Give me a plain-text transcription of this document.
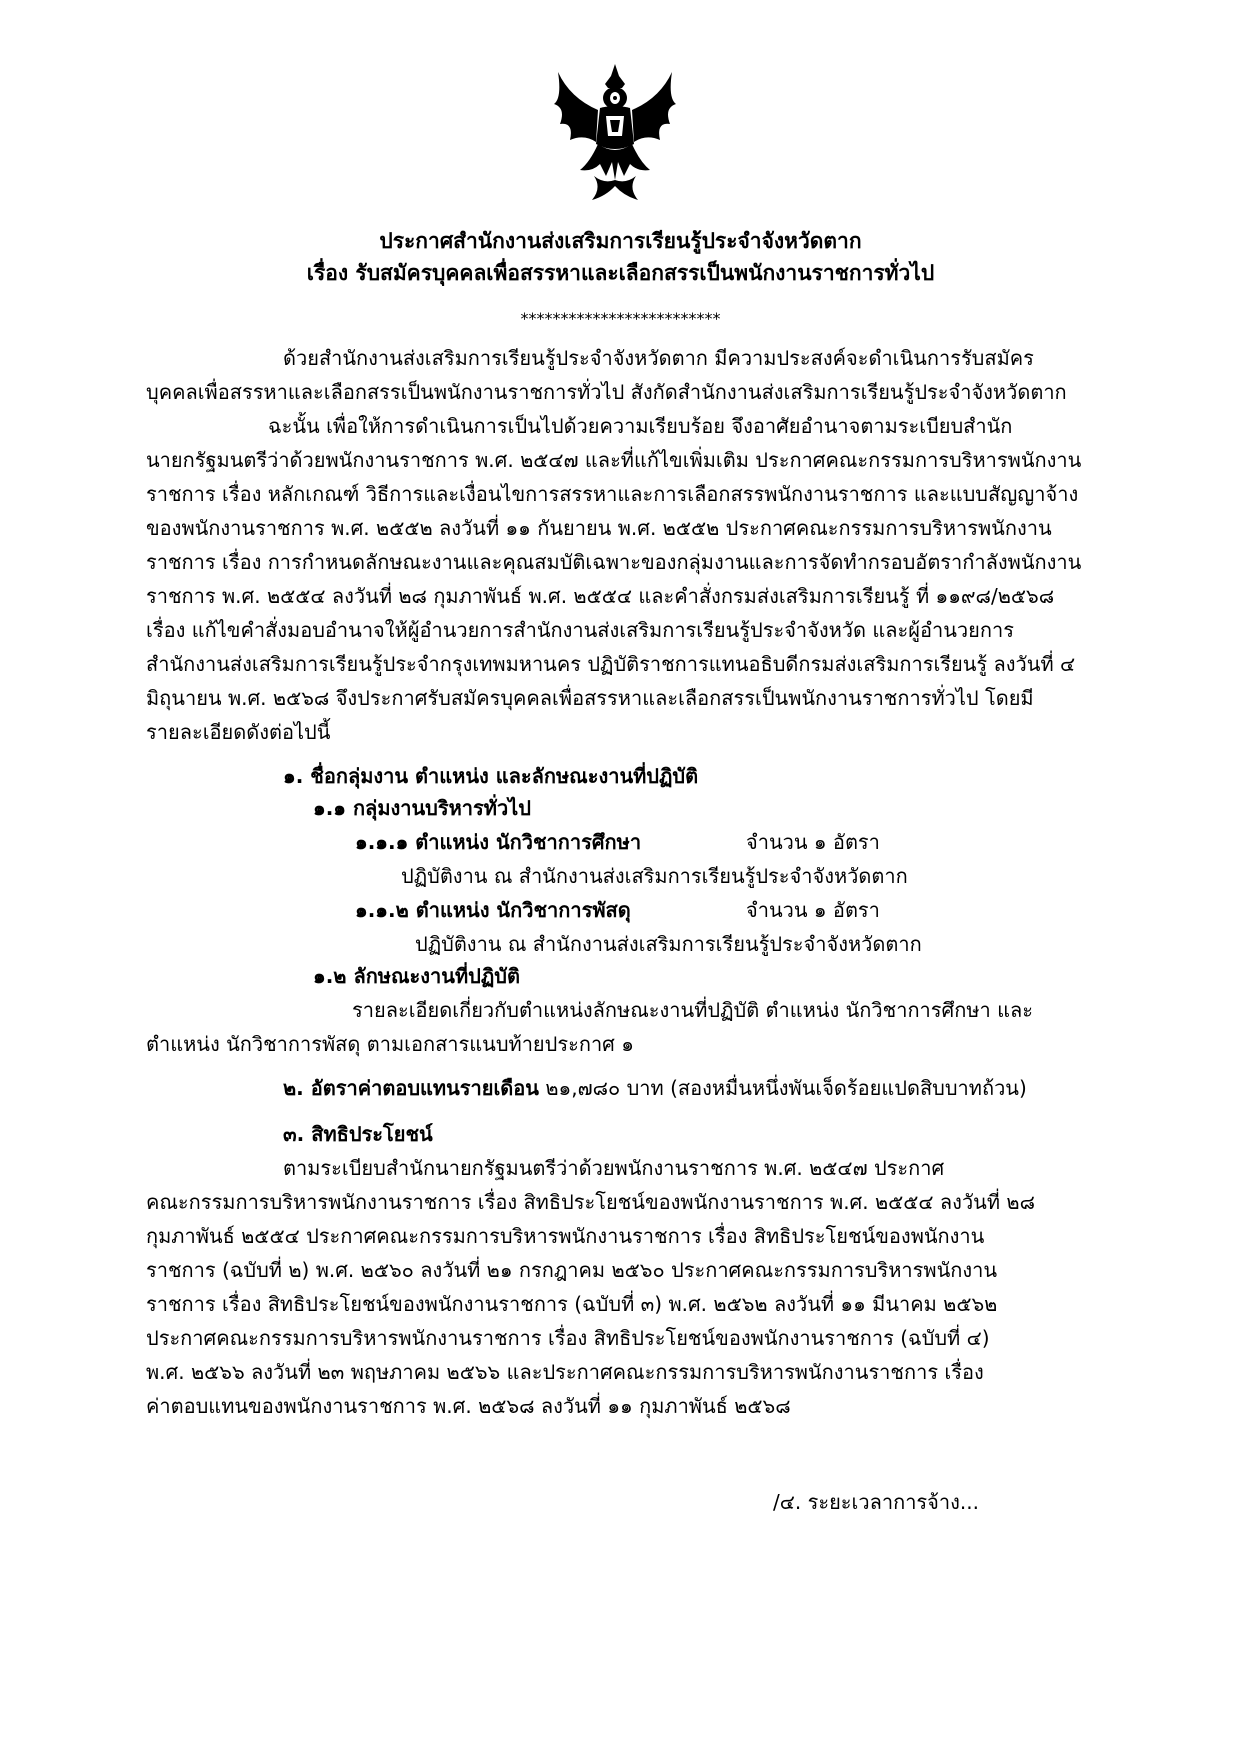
ประกาศสำนักงานส่งเสริมการเรียนรู้ประจำจังหวัดตาก
เรื่อง รับสมัครบุคคลเพื่อสรรหาและเลือกสรรเป็นพนักงานราชการทั่วไป
*************************
ด้วยสำนักงานส่งเสริมการเรียนรู้ประจำจังหวัดตาก มีความประสงค์จะดำเนินการรับสมัคร
บุคคลเพื่อสรรหาและเลือกสรรเป็นพนักงานราชการทั่วไป สังกัดสำนักงานส่งเสริมการเรียนรู้ประจำจังหวัดตาก
ฉะนั้น เพื่อให้การดำเนินการเป็นไปด้วยความเรียบร้อย จึงอาศัยอำนาจตามระเบียบสำนัก
นายกรัฐมนตรีว่าด้วยพนักงานราชการ พ.ศ. ๒๕๔๗ และที่แก้ไขเพิ่มเติม ประกาศคณะกรรมการบริหารพนักงาน
ราชการ เรื่อง หลักเกณฑ์ วิธีการและเงื่อนไขการสรรหาและการเลือกสรรพนักงานราชการ และแบบสัญญาจ้าง
ของพนักงานราชการ พ.ศ. ๒๕๕๒ ลงวันที่ ๑๑ กันยายน พ.ศ. ๒๕๕๒ ประกาศคณะกรรมการบริหารพนักงาน
ราชการ เรื่อง การกำหนดลักษณะงานและคุณสมบัติเฉพาะของกลุ่มงานและการจัดทำกรอบอัตรากำลังพนักงาน
ราชการ พ.ศ. ๒๕๕๔ ลงวันที่ ๒๘ กุมภาพันธ์ พ.ศ. ๒๕๕๔ และคำสั่งกรมส่งเสริมการเรียนรู้ ที่ ๑๑๙๘/๒๕๖๘
เรื่อง แก้ไขคำสั่งมอบอำนาจให้ผู้อำนวยการสำนักงานส่งเสริมการเรียนรู้ประจำจังหวัด และผู้อำนวยการ
สำนักงานส่งเสริมการเรียนรู้ประจำกรุงเทพมหานคร ปฏิบัติราชการแทนอธิบดีกรมส่งเสริมการเรียนรู้ ลงวันที่ ๔
มิถุนายน พ.ศ. ๒๕๖๘ จึงประกาศรับสมัครบุคคลเพื่อสรรหาและเลือกสรรเป็นพนักงานราชการทั่วไป โดยมี
รายละเอียดดังต่อไปนี้
๑. ชื่อกลุ่มงาน ตำแหน่ง และลักษณะงานที่ปฏิบัติ
๑.๑ กลุ่มงานบริหารทั่วไป
๑.๑.๑ ตำแหน่ง นักวิชาการศึกษา	จำนวน ๑ อัตรา
ปฏิบัติงาน ณ สำนักงานส่งเสริมการเรียนรู้ประจำจังหวัดตาก
๑.๑.๒ ตำแหน่ง นักวิชาการพัสดุ	จำนวน ๑ อัตรา
ปฏิบัติงาน ณ สำนักงานส่งเสริมการเรียนรู้ประจำจังหวัดตาก
๑.๒ ลักษณะงานที่ปฏิบัติ
รายละเอียดเกี่ยวกับตำแหน่งลักษณะงานที่ปฏิบัติ ตำแหน่ง นักวิชาการศึกษา และ
ตำแหน่ง นักวิชาการพัสดุ ตามเอกสารแนบท้ายประกาศ ๑
๒. อัตราค่าตอบแทนรายเดือน ๒๑,๗๘๐ บาท (สองหมื่นหนึ่งพันเจ็ดร้อยแปดสิบบาทถ้วน)
๓. สิทธิประโยชน์
ตามระเบียบสำนักนายกรัฐมนตรีว่าด้วยพนักงานราชการ พ.ศ. ๒๕๔๗ ประกาศ
คณะกรรมการบริหารพนักงานราชการ เรื่อง สิทธิประโยชน์ของพนักงานราชการ พ.ศ. ๒๕๕๔ ลงวันที่ ๒๘
กุมภาพันธ์ ๒๕๕๔ ประกาศคณะกรรมการบริหารพนักงานราชการ เรื่อง สิทธิประโยชน์ของพนักงาน
ราชการ (ฉบับที่ ๒) พ.ศ. ๒๕๖๐ ลงวันที่ ๒๑ กรกฎาคม ๒๕๖๐ ประกาศคณะกรรมการบริหารพนักงาน
ราชการ เรื่อง สิทธิประโยชน์ของพนักงานราชการ (ฉบับที่ ๓) พ.ศ. ๒๕๖๒ ลงวันที่ ๑๑ มีนาคม ๒๕๖๒
ประกาศคณะกรรมการบริหารพนักงานราชการ เรื่อง สิทธิประโยชน์ของพนักงานราชการ (ฉบับที่ ๔)
พ.ศ. ๒๕๖๖ ลงวันที่ ๒๓ พฤษภาคม ๒๕๖๖ และประกาศคณะกรรมการบริหารพนักงานราชการ เรื่อง
ค่าตอบแทนของพนักงานราชการ พ.ศ. ๒๕๖๘ ลงวันที่ ๑๑ กุมภาพันธ์ ๒๕๖๘
/๔. ระยะเวลาการจ้าง...
